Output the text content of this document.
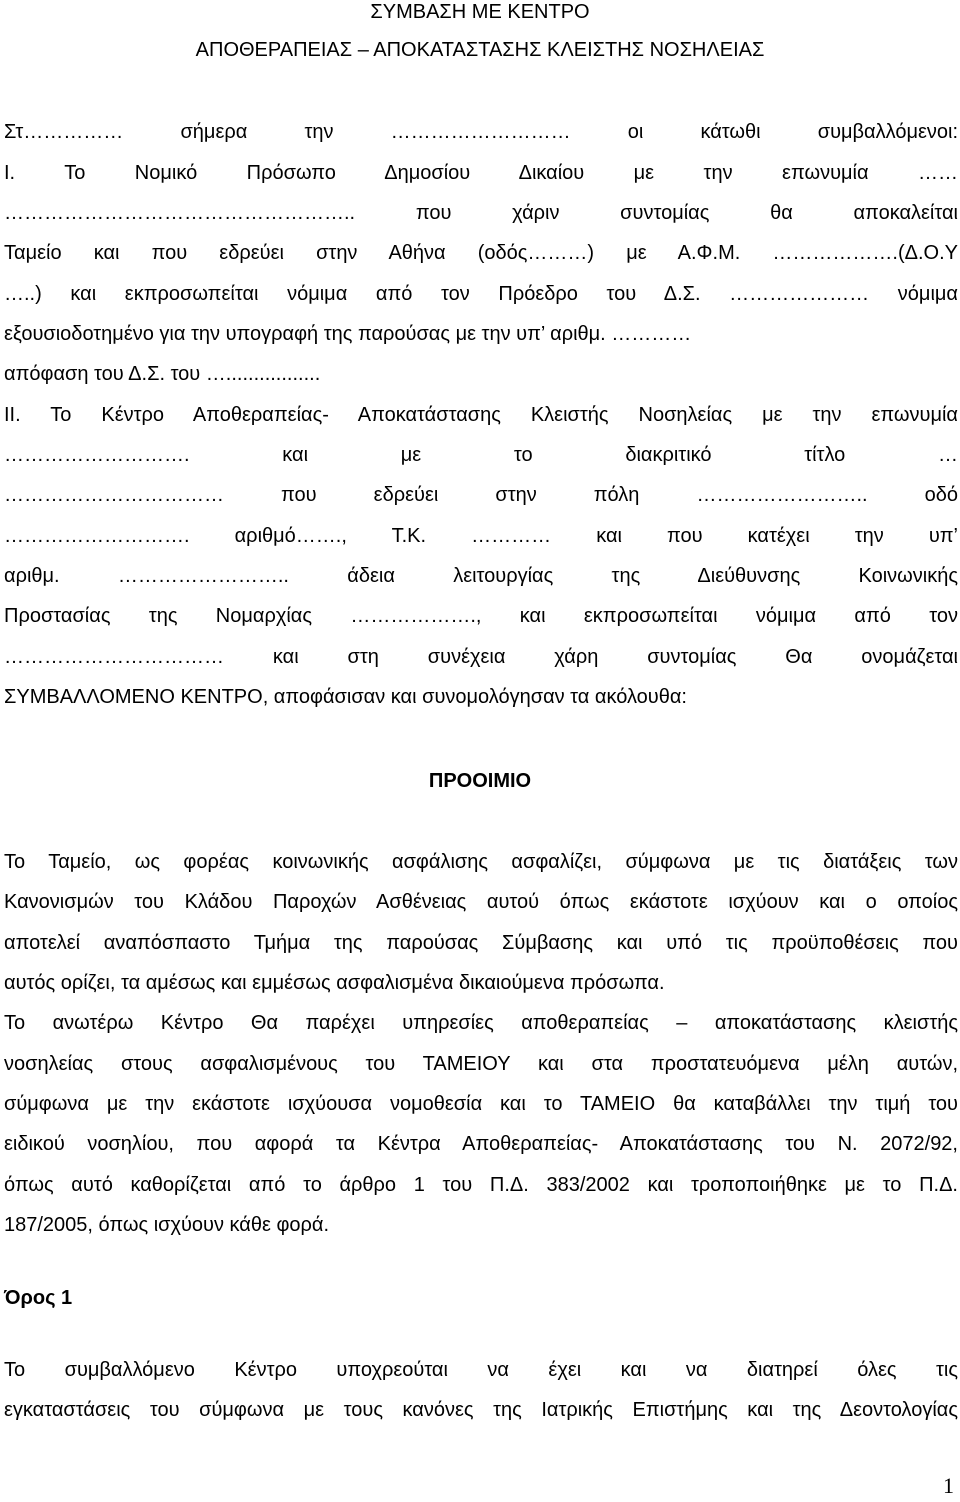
ΣΥΜΒΑΣΗ ΜΕ ΚΕΝΤΡΟ
ΑΠΟΘΕΡΑΠΕΙΑΣ – ΑΠΟΚΑΤΑΣΤΑΣΗΣ ΚΛΕΙΣΤΗΣ ΝΟΣΗΛΕΙΑΣ
Στ…………… σήμερα την ……………………… οι κάτωθι συμβαλλόμενοι:
Ι. Το Νομικό Πρόσωπο Δημοσίου Δικαίου με την επωνυμία ……
…………………………………………….. που χάριν συντομίας θα αποκαλείται
Ταμείο και που εδρεύει στην Αθήνα (οδός………) με Α.Φ.Μ. ……………….(Δ.Ο.Υ
…..) και εκπροσωπείται νόμιμα από τον Πρόεδρο του Δ.Σ. ………………… νόμιμα
εξουσιοδοτημένο για την υπογραφή της παρούσας με την υπ’ αριθμ. …………
απόφαση του Δ.Σ. του ….................
ΙΙ. Το Κέντρο Αποθεραπείας- Αποκατάστασης Κλειστής Νοσηλείας με την επωνυμία
………………………. και με το διακριτικό τίτλο …
…………………………… που εδρεύει στην πόλη …………………….. οδό
………………………. αριθμό……., Τ.Κ. ………… και που κατέχει την υπ’
αριθμ. …………………….. άδεια λειτουργίας της Διεύθυνσης Κοινωνικής
Προστασίας της Νομαρχίας ………………., και εκπροσωπείται νόμιμα από τον
…………………………… και στη συνέχεια χάρη συντομίας Θα ονομάζεται
ΣΥΜΒΑΛΛΟΜΕΝΟ ΚΕΝΤΡΟ, αποφάσισαν και συνομολόγησαν τα ακόλουθα:
ΠΡΟΟΙΜΙΟ
Το Ταμείο, ως φορέας κοινωνικής ασφάλισης ασφαλίζει, σύμφωνα με τις διατάξεις των
Κανονισμών του Κλάδου Παροχών Ασθένειας αυτού όπως εκάστοτε ισχύουν και ο οποίος
αποτελεί αναπόσπαστο Τμήμα της παρούσας Σύμβασης και υπό τις προϋποθέσεις που
αυτός ορίζει, τα αμέσως και εμμέσως ασφαλισμένα δικαιούμενα πρόσωπα.
Το ανωτέρω Κέντρο Θα παρέχει υπηρεσίες αποθεραπείας – αποκατάστασης κλειστής
νοσηλείας στους ασφαλισμένους του ΤΑΜΕΙΟΥ και στα προστατευόμενα μέλη αυτών,
σύμφωνα με την εκάστοτε ισχύουσα νομοθεσία και το ΤΑΜΕΙΟ θα καταβάλλει την τιμή του
ειδικού νοσηλίου, που αφορά τα Κέντρα Αποθεραπείας- Αποκατάστασης του Ν. 2072/92,
όπως αυτό καθορίζεται από το άρθρο 1 του Π.Δ. 383/2002 και τροποποιήθηκε με το Π.Δ.
187/2005, όπως ισχύουν κάθε φορά.
Όρος 1
Το συμβαλλόμενο Κέντρο υποχρεούται να έχει και να διατηρεί όλες τις
εγκαταστάσεις του σύμφωνα με τους κανόνες της Ιατρικής Επιστήμης και της Δεοντολογίας
1
